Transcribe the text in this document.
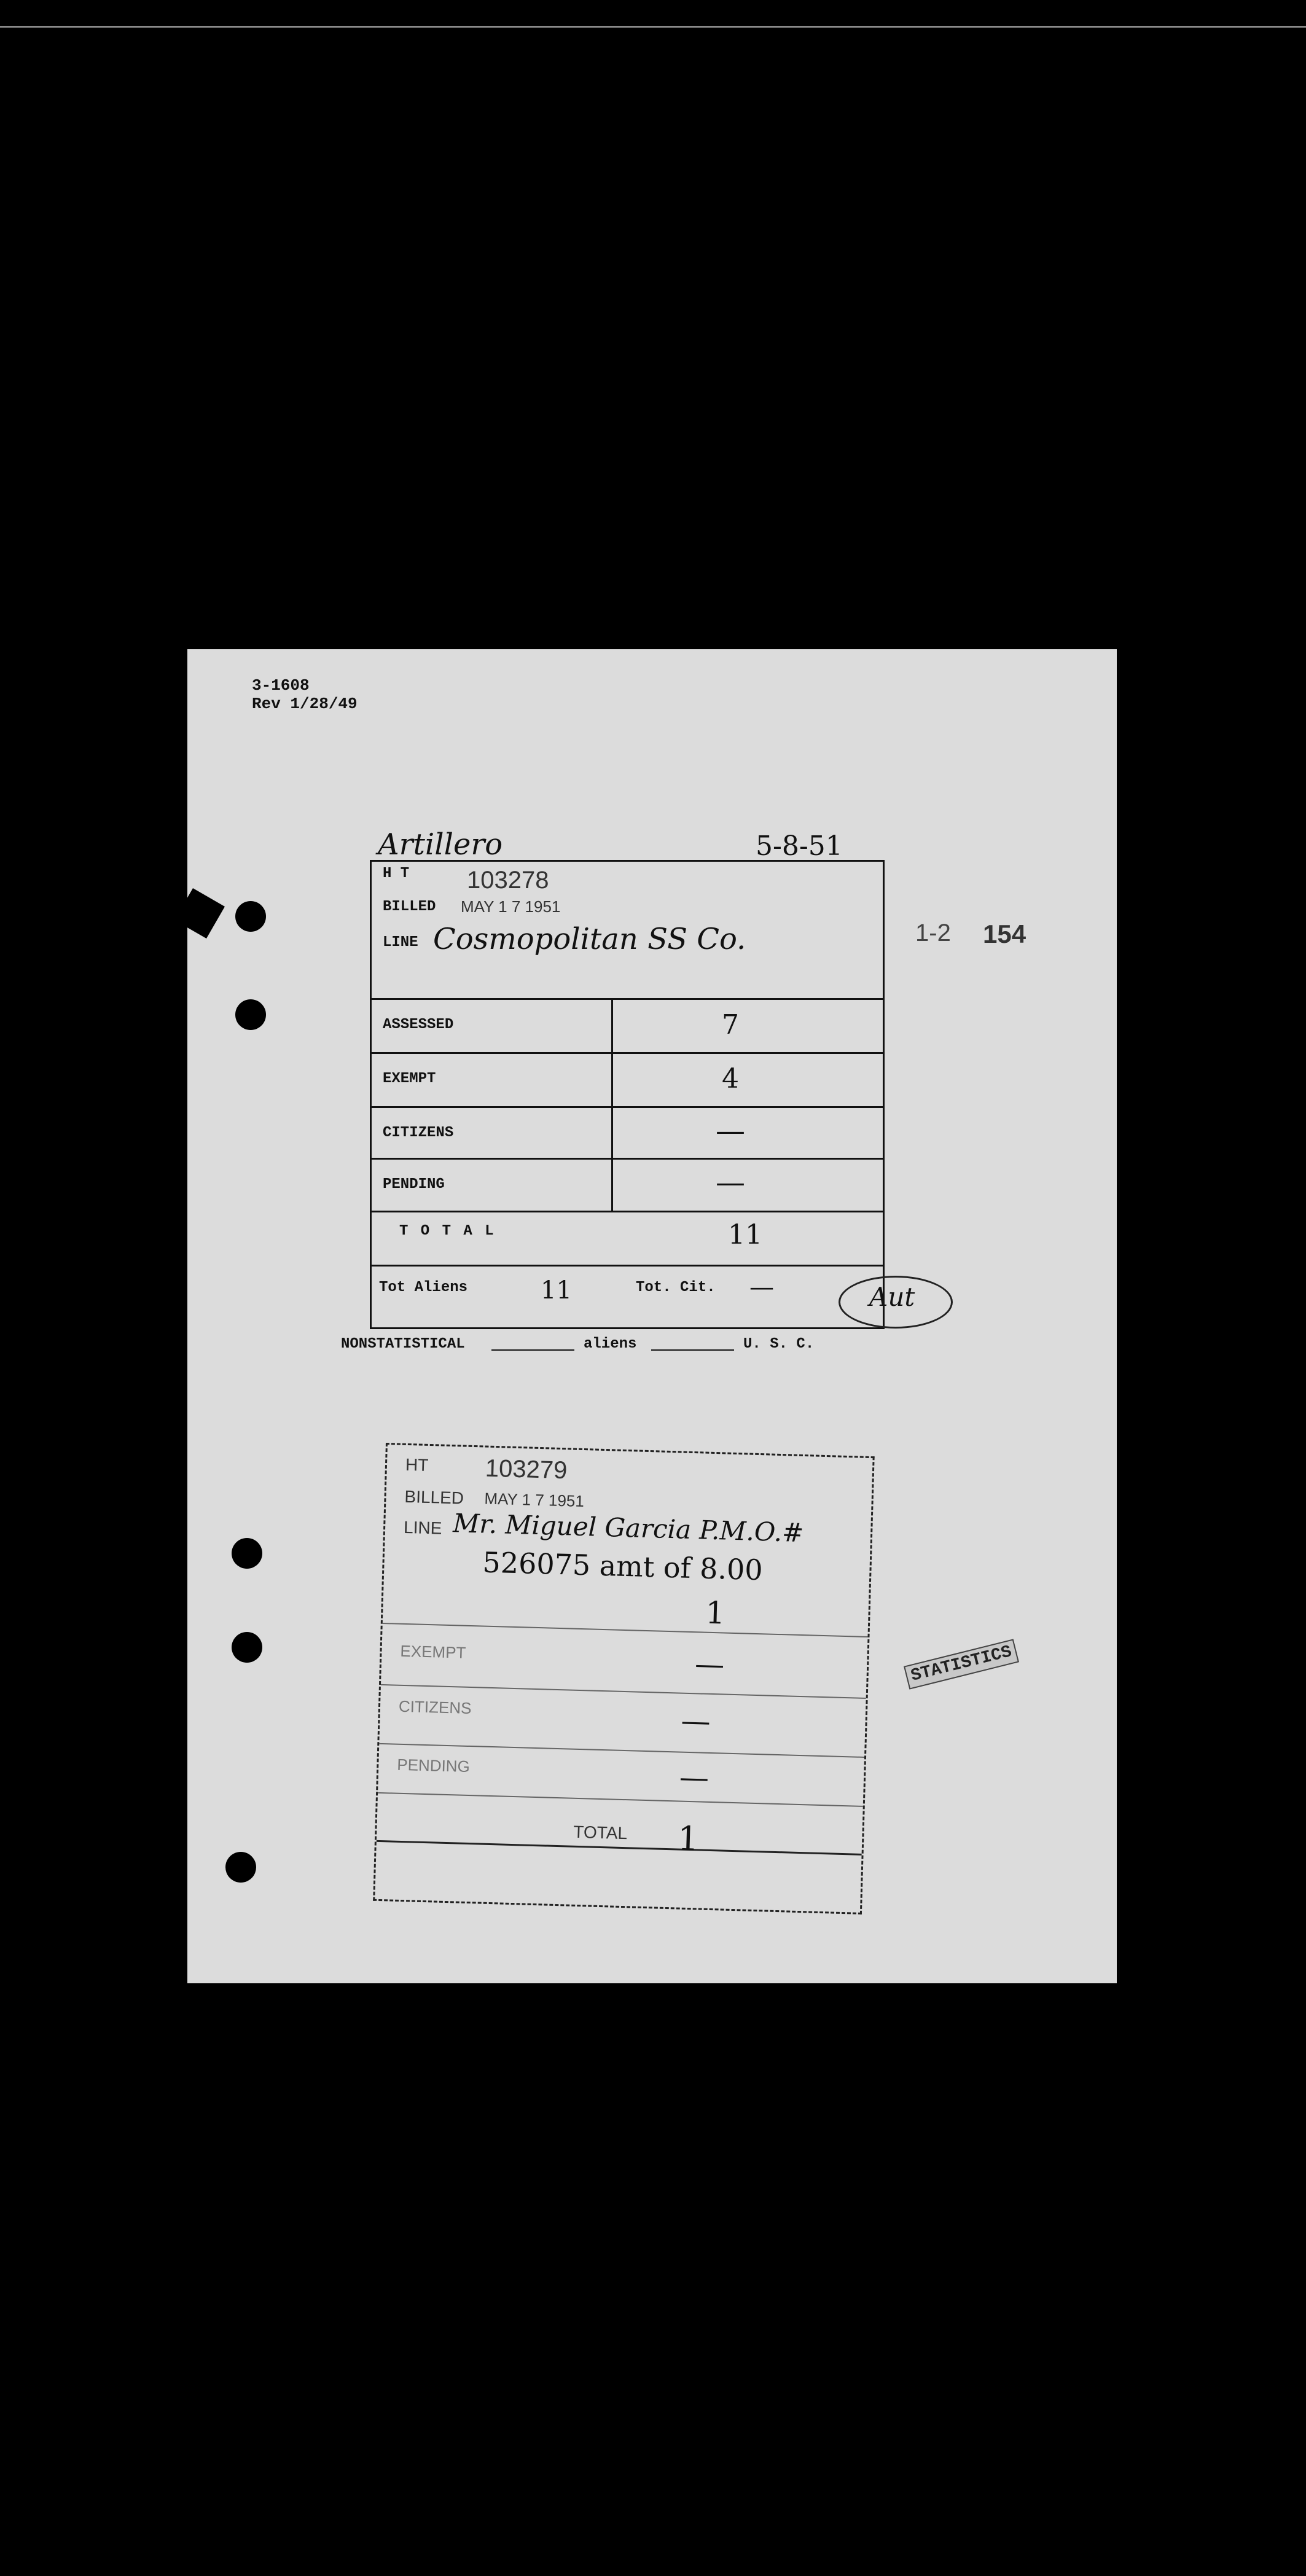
3-1608
Rev 1/28/49
Artillero	5-8-51
1-2 154
H T 103278
BILLED MAY 1 7 1951
LINE Cosmopolitan SS Co.
ASSESSED	7
EXEMPT	4
CITIZENS	—
PENDING	—
T O T A L	11
Tot Aliens	11	Tot. Cit. —	Aut
NONSTATISTICAL	aliens	U. S. C.
HT 103279
BILLED MAY 1 7 1951
LINE Mr. Miguel Garcia P.M.O.#
526075 amt of 8.00
1
EXEMPT	—
CITIZENS	—
PENDING	—
TOTAL 1
STATISTICS
